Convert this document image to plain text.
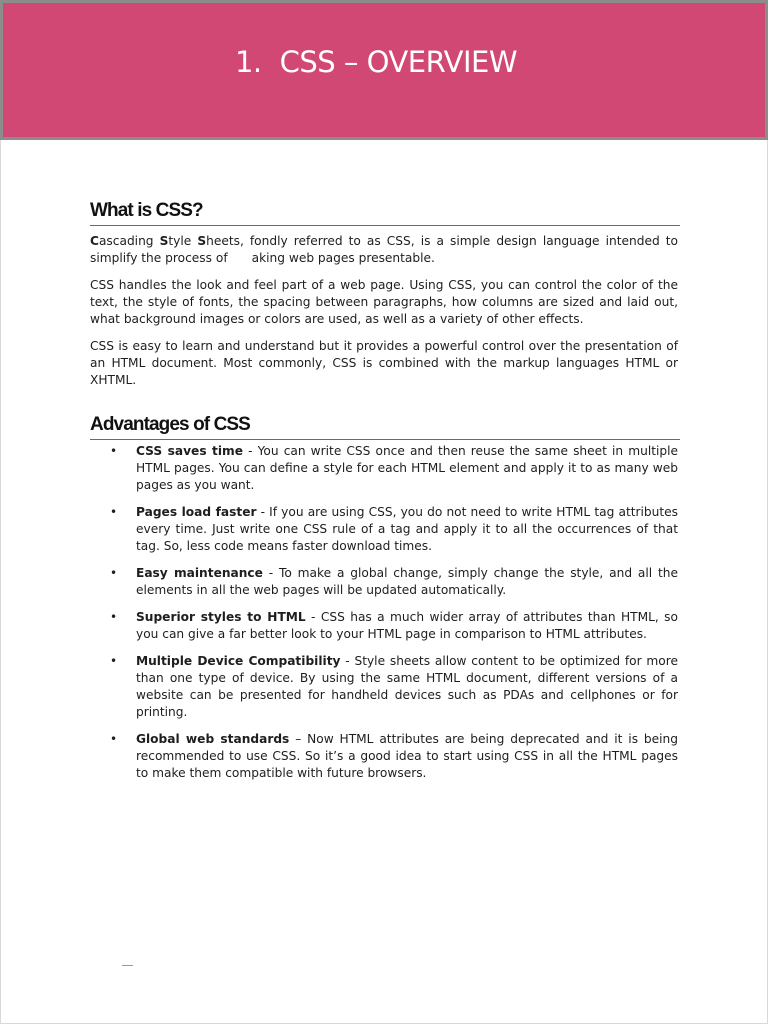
1. CSS – OVERVIEW
What is CSS?
Cascading Style Sheets, fondly referred to as CSS, is a simple design language intended to simplify the process of aking web pages presentable.
CSS handles the look and feel part of a web page. Using CSS, you can control the color of the text, the style of fonts, the spacing between paragraphs, how columns are sized and laid out, what background images or colors are used, as well as a variety of other effects.
CSS is easy to learn and understand but it provides a powerful control over the presentation of an HTML document. Most commonly, CSS is combined with the markup languages HTML or XHTML.
Advantages of CSS
• CSS saves time - You can write CSS once and then reuse the same sheet in multiple HTML pages. You can define a style for each HTML element and apply it to as many web pages as you want.
• Pages load faster - If you are using CSS, you do not need to write HTML tag attributes every time. Just write one CSS rule of a tag and apply it to all the occurrences of that tag. So, less code means faster download times.
• Easy maintenance - To make a global change, simply change the style, and all the elements in all the web pages will be updated automatically.
• Superior styles to HTML - CSS has a much wider array of attributes than HTML, so you can give a far better look to your HTML page in comparison to HTML attributes.
• Multiple Device Compatibility - Style sheets allow content to be optimized for more than one type of device. By using the same HTML document, different versions of a website can be presented for handheld devices such as PDAs and cellphones or for printing.
• Global web standards – Now HTML attributes are being deprecated and it is being recommended to use CSS. So it’s a good idea to start using CSS in all the HTML pages to make them compatible with future browsers.
